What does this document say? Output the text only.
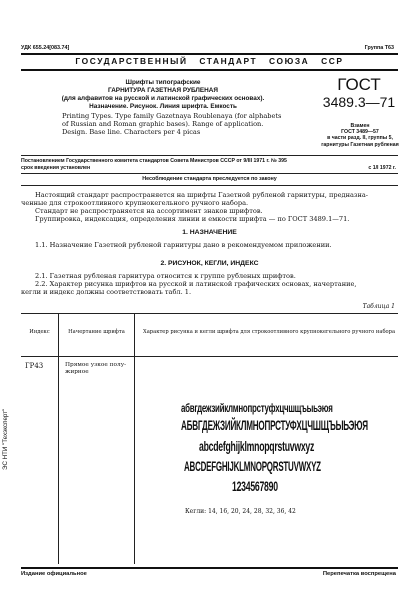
УДК 655.24[083.74]	Группа Т63
ГОСУДАРСТВЕННЫЙ   СТАНДАРТ   СОЮЗА   ССР
Шрифты типографские
ГАРНИТУРА ГАЗЕТНАЯ РУБЛЕНАЯ
(для алфавитов на русской и латинской графических основах).
Назначение. Рисунок. Линия шрифта. Емкость
Printing Types. Type family Gazetnaya Roublenaya (for alphabets
of Russian and Roman graphic bases). Range of application.
Design. Base line. Characters per 4 picas
ГОСТ
3489.3—71
Взамен
ГОСТ 3489—57
в части разд. II, группы 5,
гарнитуры Газетная рубленая
Постановлением Государственного комитета стандартов Совета Министров СССР от 9/III 1971 г. № 395
срок введения установлен	с 1/I 1972 г.
Несоблюдение стандарта преследуется по закону
Настоящий стандарт распространяется на шрифты Газетной рубленой гарнитуры, предназна-
ченные для строкоотливного крупнокегельного ручного набора.
Стандарт не распространяется на ассортимент знаков шрифтов.
Группировка, индексация, определения линии и емкости шрифта — по ГОСТ 3489.1—71.
1. НАЗНАЧЕНИЕ
1.1. Назначение Газетной рубленой гарнитуры дано в рекомендуемом приложении.
2. РИСУНОК, КЕГЛИ, ИНДЕКС
2.1. Газетная рубленая гарнитура относится к группе рубленых шрифтов.
2.2. Характер рисунка шрифтов на русской и латинской графических основах, начертание,
кегли и индекс должны соответствовать табл. 1.
Таблица 1
Индекс	Начертание шрифта	Характер рисунка и кегли шрифта для строкоотливного крупнокегельного ручного набора
ГР43	Прямое узкое полу-
жирное
абвгдежзийклмнопрстуфхцчшщъыьэюя
АБВГДЕЖЗИЙКЛМНОПРСТУФХЦЧШЩЪЫЬЭЮЯ
abcdefghijklmnopqrstuvwxyz
ABCDEFGHIJKLMNOPQRSTUVWXYZ
1234567890
Кегли: 14, 16, 20, 24, 28, 32, 36, 42
ЭС НТИ "Техэксперт"
Издание официальное	Перепечатка воспрещена
